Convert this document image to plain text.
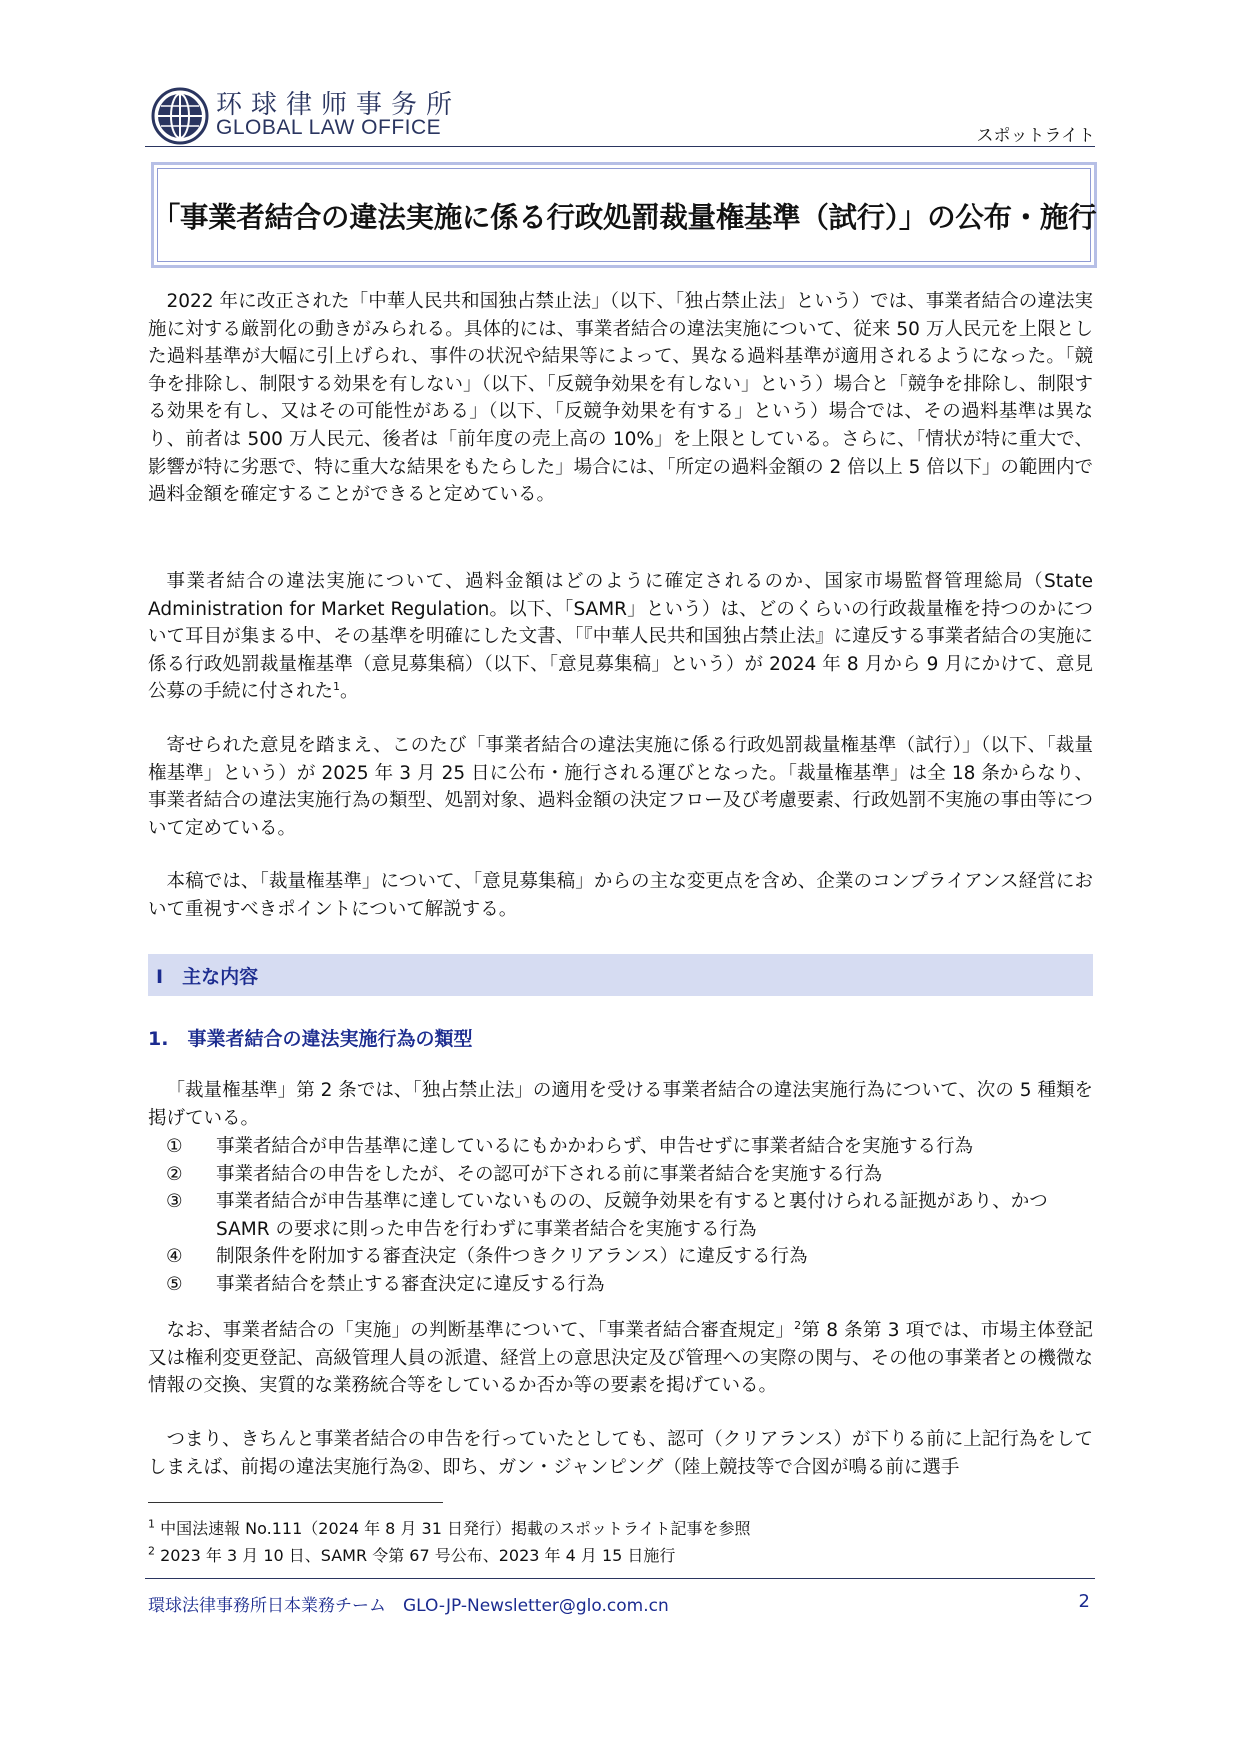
环球律师事务所
GLOBAL LAW OFFICE	スポットライト
「事業者結合の違法実施に係る行政処罰裁量権基準（試行）」の公布・施行

2022 年に改正された「中華人民共和国独占禁止法」（以下、「独占禁止法」という）では、事業者結合の違法実施に対する厳罰化の動きがみられる。具体的には、事業者結合の違法実施について、従来 50 万人民元を上限とした過料基準が大幅に引上げられ、事件の状況や結果等によって、異なる過料基準が適用されるようになった。「競争を排除し、制限する効果を有しない」（以下、「反競争効果を有しない」という）場合と「競争を排除し、制限する効果を有し、又はその可能性がある」（以下、「反競争効果を有する」という）場合では、その過料基準は異なり、前者は 500 万人民元、後者は「前年度の売上高の 10%」を上限としている。さらに、「情状が特に重大で、影響が特に劣悪で、特に重大な結果をもたらした」場合には、「所定の過料金額の 2 倍以上 5 倍以下」の範囲内で過料金額を確定することができると定めている。

事業者結合の違法実施について、過料金額はどのように確定されるのか、国家市場監督管理総局（State Administration for Market Regulation。以下、「SAMR」という）は、どのくらいの行政裁量権を持つのかについて耳目が集まる中、その基準を明確にした文書、「『中華人民共和国独占禁止法』に違反する事業者結合の実施に係る行政処罰裁量権基準（意見募集稿）（以下、「意見募集稿」という）が 2024 年 8 月から 9 月にかけて、意見公募の手続に付された$^1$。

寄せられた意見を踏まえ、このたび「事業者結合の違法実施に係る行政処罰裁量権基準（試行）」（以下、「裁量権基準」という）が 2025 年 3 月 25 日に公布・施行される運びとなった。「裁量権基準」は全 18 条からなり、事業者結合の違法実施行為の類型、処罰対象、過料金額の決定フロー及び考慮要素、行政処罰不実施の事由等について定めている。

本稿では、「裁量権基準」について、「意見募集稿」からの主な変更点を含め、企業のコンプライアンス経営において重視すべきポイントについて解説する。

I　主な内容
1.　事業者結合の違法実施行為の類型

「裁量権基準」第 2 条では、「独占禁止法」の適用を受ける事業者結合の違法実施行為について、次の 5 種類を掲げている。

①	事業者結合が申告基準に達しているにもかかわらず、申告せずに事業者結合を実施する行為
②	事業者結合の申告をしたが、その認可が下される前に事業者結合を実施する行為
③	事業者結合が申告基準に達していないものの、反競争効果を有すると裏付けられる証拠があり、かつ SAMR の要求に則った申告を行わずに事業者結合を実施する行為
④	制限条件を附加する審査決定（条件つきクリアランス）に違反する行為
⑤	事業者結合を禁止する審査決定に違反する行為

なお、事業者結合の「実施」の判断基準について、「事業者結合審査規定」$^2$第 8 条第 3 項では、市場主体登記又は権利変更登記、高級管理人員の派遣、経営上の意思決定及び管理への実際の関与、その他の事業者との機微な情報の交換、実質的な業務統合等をしているか否か等の要素を掲げている。

つまり、きちんと事業者結合の申告を行っていたとしても、認可（クリアランス）が下りる前に上記行為をしてしまえば、前掲の違法実施行為②、即ち、ガン・ジャンピング（陸上競技等で合図が鳴る前に選手

$^1$ 中国法速報 No.111（2024 年 8 月 31 日発行）掲載のスポットライト記事を参照
$^2$ 2023 年 3 月 10 日、SAMR 令第 67 号公布、2023 年 4 月 15 日施行
環球法律事務所日本業務チーム　GLO-JP-Newsletter@glo.com.cn	2
